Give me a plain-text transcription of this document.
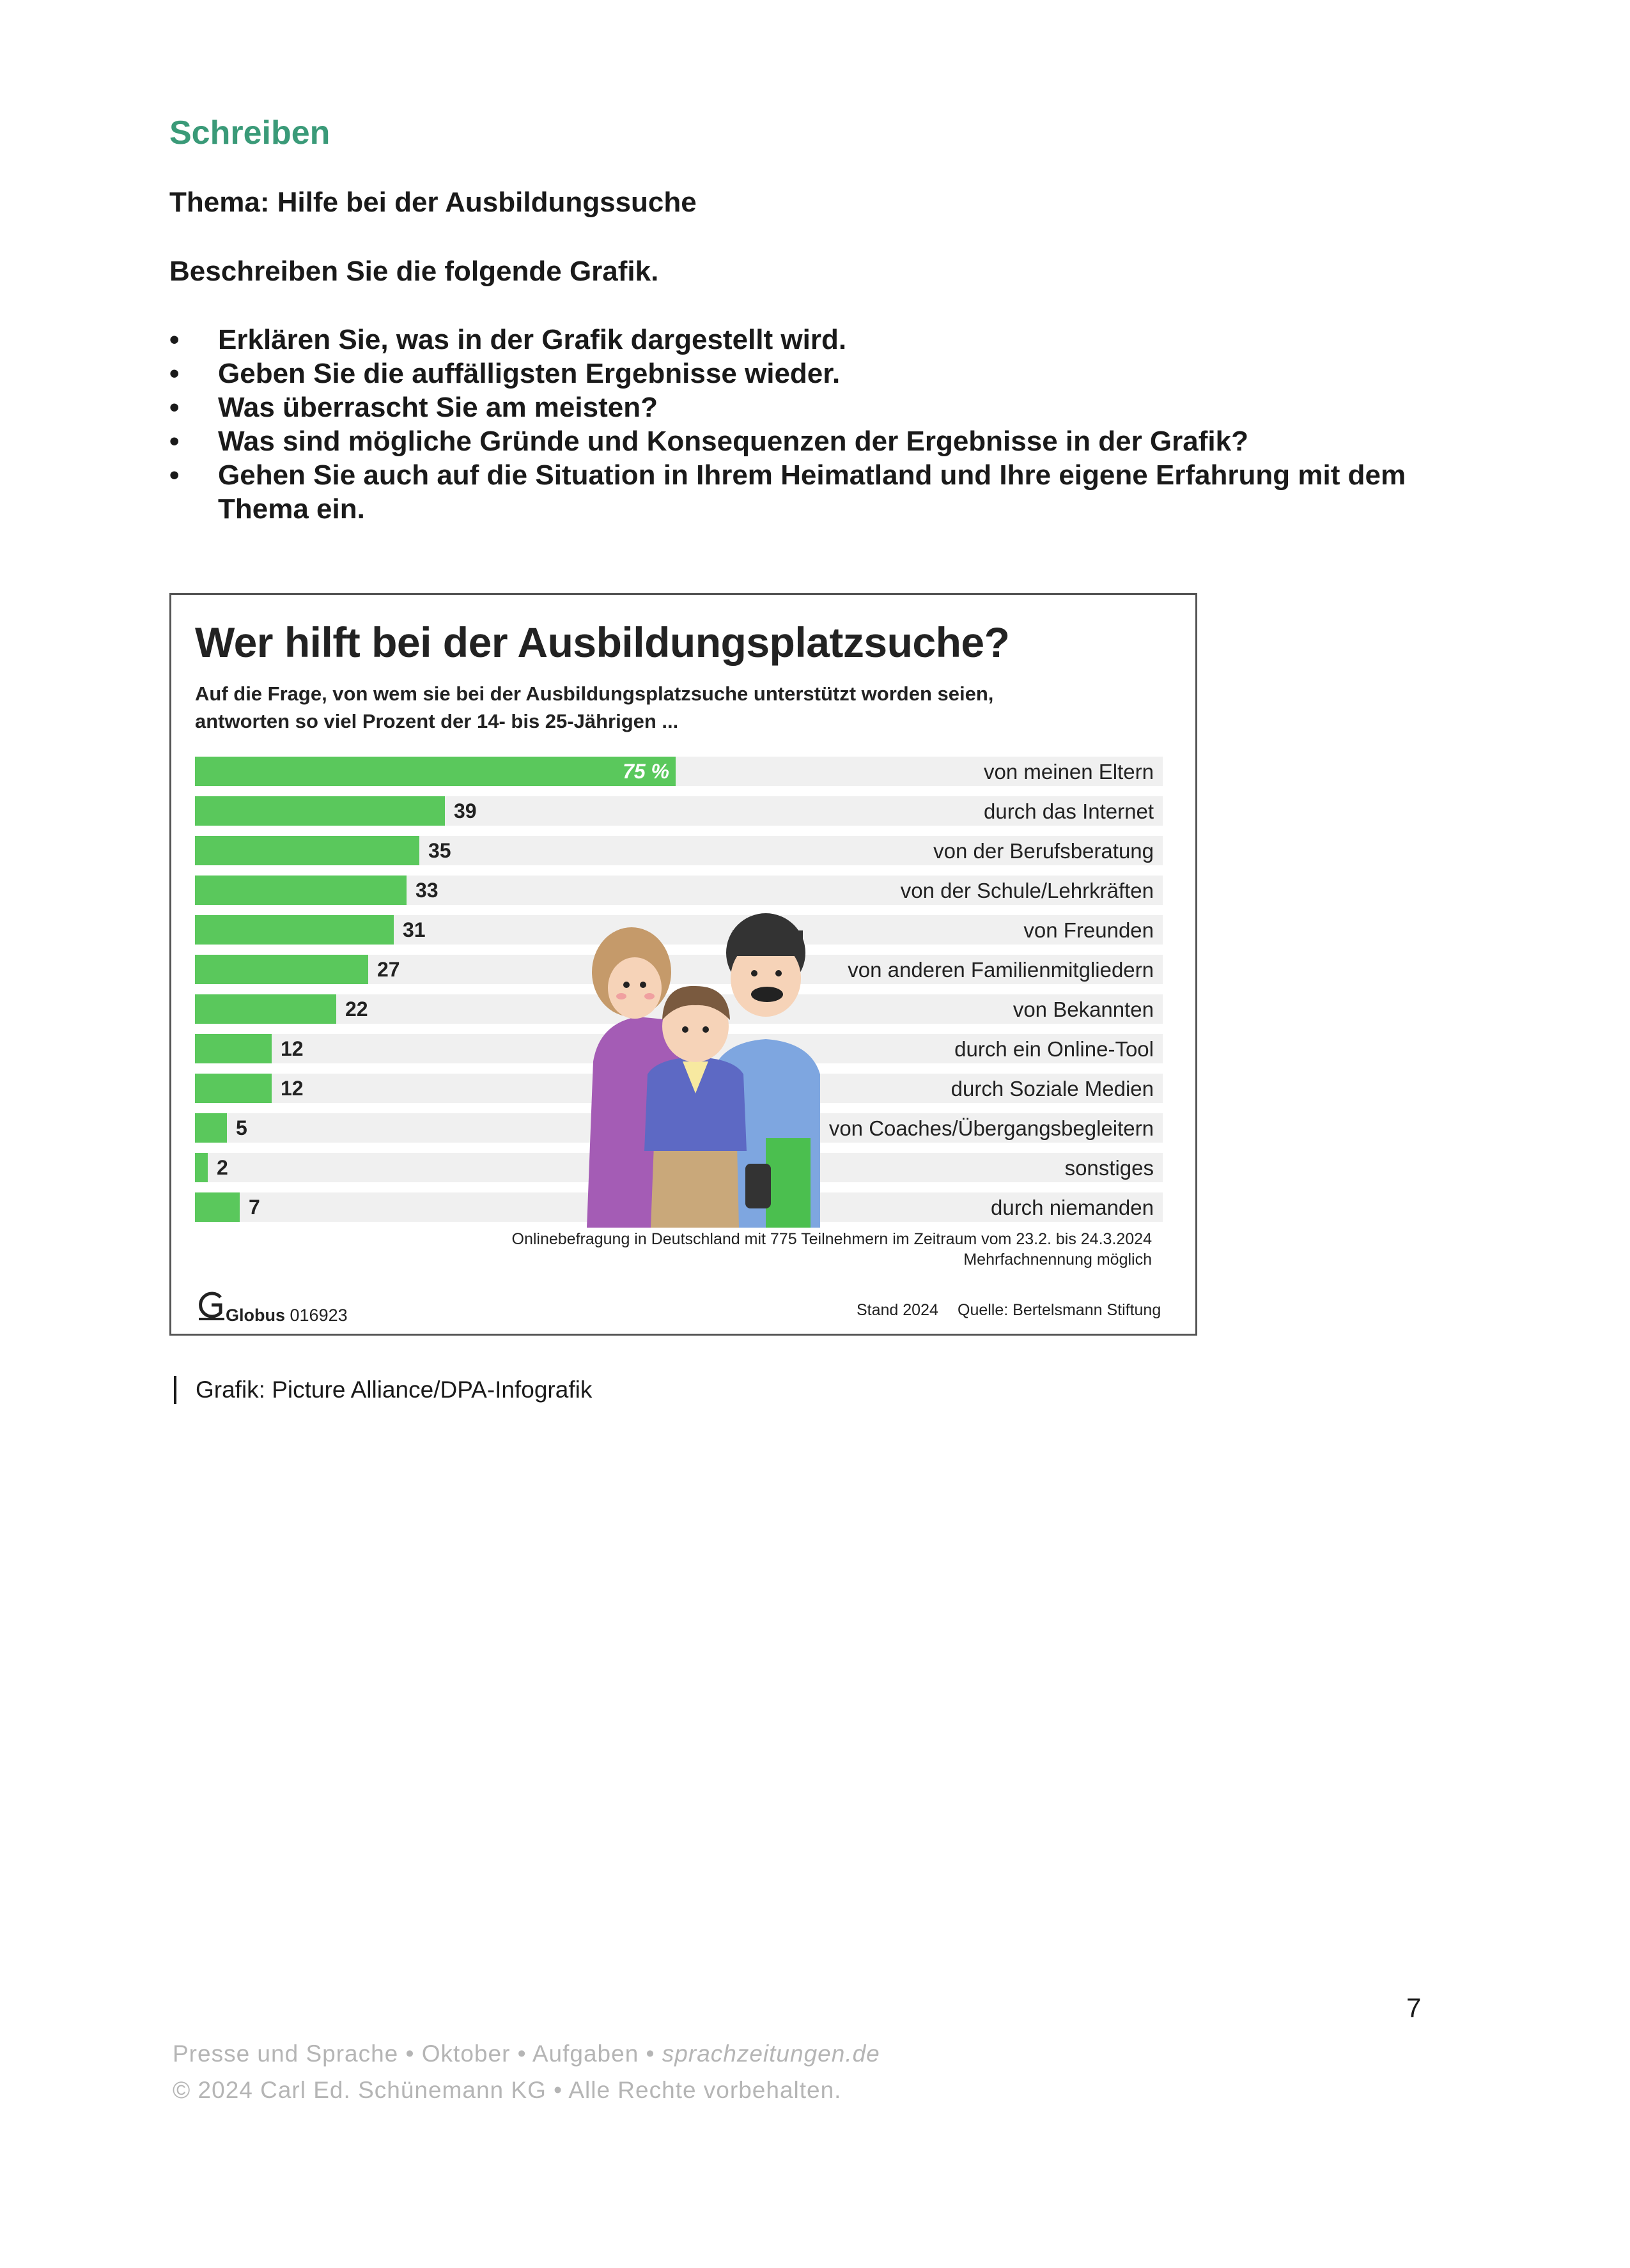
Schreiben
Thema: Hilfe bei der Ausbildungssuche
Beschreiben Sie die folgende Grafik.
• Erklären Sie, was in der Grafik dargestellt wird.
• Geben Sie die auffälligsten Ergebnisse wieder.
• Was überrascht Sie am meisten?
• Was sind mögliche Gründe und Konsequenzen der Ergebnisse in der Grafik?
• Gehen Sie auch auf die Situation in Ihrem Heimatland und Ihre eigene Erfahrung mit dem Thema ein.
Wer hilft bei der Ausbildungsplatzsuche?
Auf die Frage, von wem sie bei der Ausbildungsplatzsuche unterstützt worden seien,
antworten so viel Prozent der 14- bis 25-Jährigen ...
75 %	von meinen Eltern
39	durch das Internet
35	von der Berufsberatung
33	von der Schule/Lehrkräften
31	von Freunden
27	von anderen Familienmitgliedern
22	von Bekannten
12	durch ein Online-Tool
12	durch Soziale Medien
5	von Coaches/Übergangsbegleitern
2	sonstiges
7	durch niemanden
Onlinebefragung in Deutschland mit 775 Teilnehmern im Zeitraum vom 23.2. bis 24.3.2024
Mehrfachnennung möglich
Globus 016923	Stand 2024 Quelle: Bertelsmann Stiftung
Grafik: Picture Alliance/DPA-Infografik
7
Presse und Sprache • Oktober • Aufgaben • sprachzeitungen.de
© 2024 Carl Ed. Schünemann KG • Alle Rechte vorbehalten.
